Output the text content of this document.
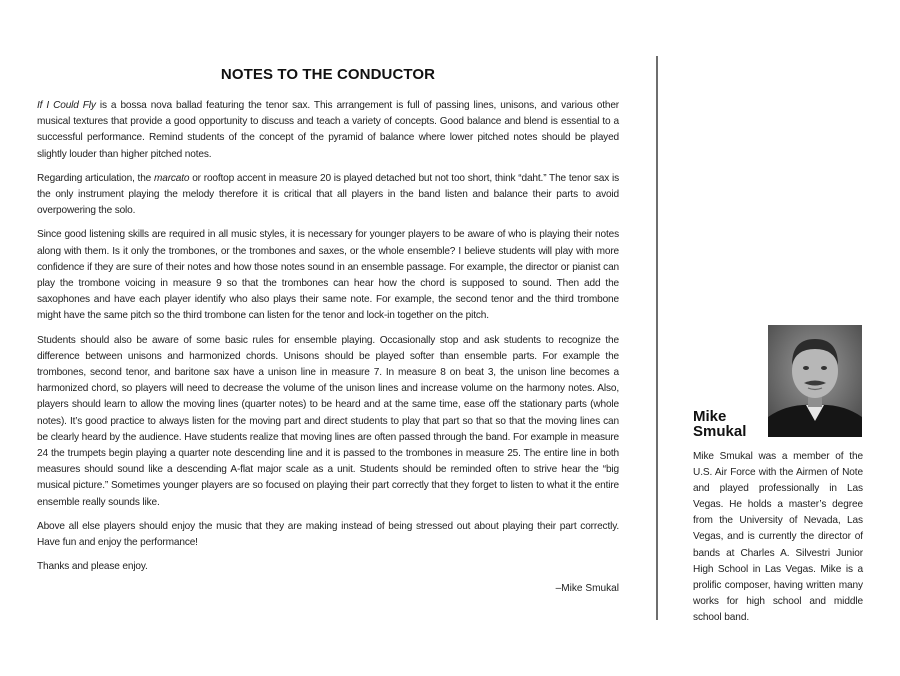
NOTES TO THE CONDUCTOR

If I Could Fly is a bossa nova ballad featuring the tenor sax. This arrangement is full of passing lines, unisons, and various other musical textures that provide a good opportunity to discuss and teach a variety of concepts. Good balance and blend is essential to a successful performance. Remind students of the concept of the pyramid of balance where lower pitched notes should be played slightly louder than higher pitched notes.

Regarding articulation, the marcato or rooftop accent in measure 20 is played detached but not too short, think “daht.” The tenor sax is the only instrument playing the melody therefore it is critical that all players in the band listen and balance their parts to avoid overpowering the solo.

Since good listening skills are required in all music styles, it is necessary for younger players to be aware of who is playing their notes along with them. Is it only the trombones, or the trombones and saxes, or the whole ensemble? I believe students will play with more confidence if they are sure of their notes and how those notes sound in an ensemble passage. For example, the director or pianist can play the trombone voicing in measure 9 so that the trombones can hear how the chord is supposed to sound. Then add the saxophones and have each player identify who also plays their same note. For example, the second tenor and the third trombone might have the same pitch so the third trombone can listen for the tenor and lock-in together on the pitch.

Students should also be aware of some basic rules for ensemble playing. Occasionally stop and ask students to recognize the difference between unisons and harmonized chords. Unisons should be played softer than ensemble parts. For example the trombones, second tenor, and baritone sax have a unison line in measure 7. In measure 8 on beat 3, the unison line becomes a harmonized chord, so players will need to decrease the volume of the unison lines and increase volume on the harmony notes. Also, players should learn to allow the moving lines (quarter notes) to be heard and at the same time, ease off the stationary parts (whole notes). It’s good practice to always listen for the moving part and direct students to play that part so that so that the moving lines can be clearly heard by the audience. Have students realize that moving lines are often passed through the band. For example in measure 24 the trumpets begin playing a quarter note descending line and it is passed to the trombones in measure 25. The entire line in both measures should sound like a descending A-flat major scale as a unit. Students should be reminded often to strive hear the “big musical picture.” Sometimes younger players are so focused on playing their part correctly that they forget to listen to what it the entire ensemble really sounds like.

Above all else players should enjoy the music that they are making instead of being stressed out about playing their part correctly. Have fun and enjoy the performance!

Thanks and please enjoy.

–Mike Smukal
Mike
Smukal

Mike Smukal was a member of the U.S. Air Force with the Airmen of Note and played professionally in Las Vegas. He holds a master’s degree from the University of Nevada, Las Vegas, and is currently the director of bands at Charles A. Silvestri Junior High School in Las Vegas. Mike is a prolific composer, having written many works for high school and middle school band.
